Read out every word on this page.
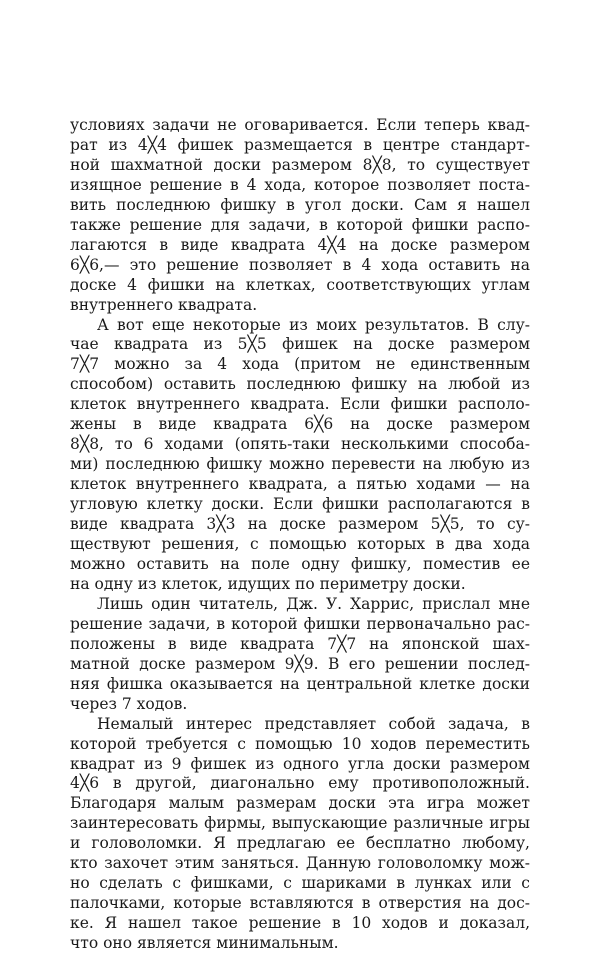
условиях задачи не оговаривается. Если теперь квад-
рат из 4╳4 фишек размещается в центре стандарт-
ной шахматной доски размером 8╳8, то существует
изящное решение в 4 хода, которое позволяет поста-
вить последнюю фишку в угол доски. Сам я нашел
также решение для задачи, в которой фишки распо-
лагаются в виде квадрата 4╳4 на доске размером
6╳6,— это решение позволяет в 4 хода оставить на
доске 4 фишки на клетках, соответствующих углам
внутреннего квадрата.
А вот еще некоторые из моих результатов. В слу-
чае квадрата из 5╳5 фишек на доске размером
7╳7 можно за 4 хода (притом не единственным
способом) оставить последнюю фишку на любой из
клеток внутреннего квадрата. Если фишки располо-
жены в виде квадрата 6╳6 на доске размером
8╳8, то 6 ходами (опять-таки несколькими способа-
ми) последнюю фишку можно перевести на любую из
клеток внутреннего квадрата, а пятью ходами — на
угловую клетку доски. Если фишки располагаются в
виде квадрата 3╳3 на доске размером 5╳5, то су-
ществуют решения, с помощью которых в два хода
можно оставить на поле одну фишку, поместив ее
на одну из клеток, идущих по периметру доски.
Лишь один читатель, Дж. У. Харрис, прислал мне
решение задачи, в которой фишки первоначально рас-
положены в виде квадрата 7╳7 на японской шах-
матной доске размером 9╳9. В его решении послед-
няя фишка оказывается на центральной клетке доски
через 7 ходов.
Немалый интерес представляет собой задача, в
которой требуется с помощью 10 ходов переместить
квадрат из 9 фишек из одного угла доски размером
4╳6 в другой, диагонально ему противоположный.
Благодаря малым размерам доски эта игра может
заинтересовать фирмы, выпускающие различные игры
и головоломки. Я предлагаю ее бесплатно любому,
кто захочет этим заняться. Данную головоломку мож-
но сделать с фишками, с шариками в лунках или с
палочками, которые вставляются в отверстия на дос-
ке. Я нашел такое решение в 10 ходов и доказал,
что оно является минимальным.
